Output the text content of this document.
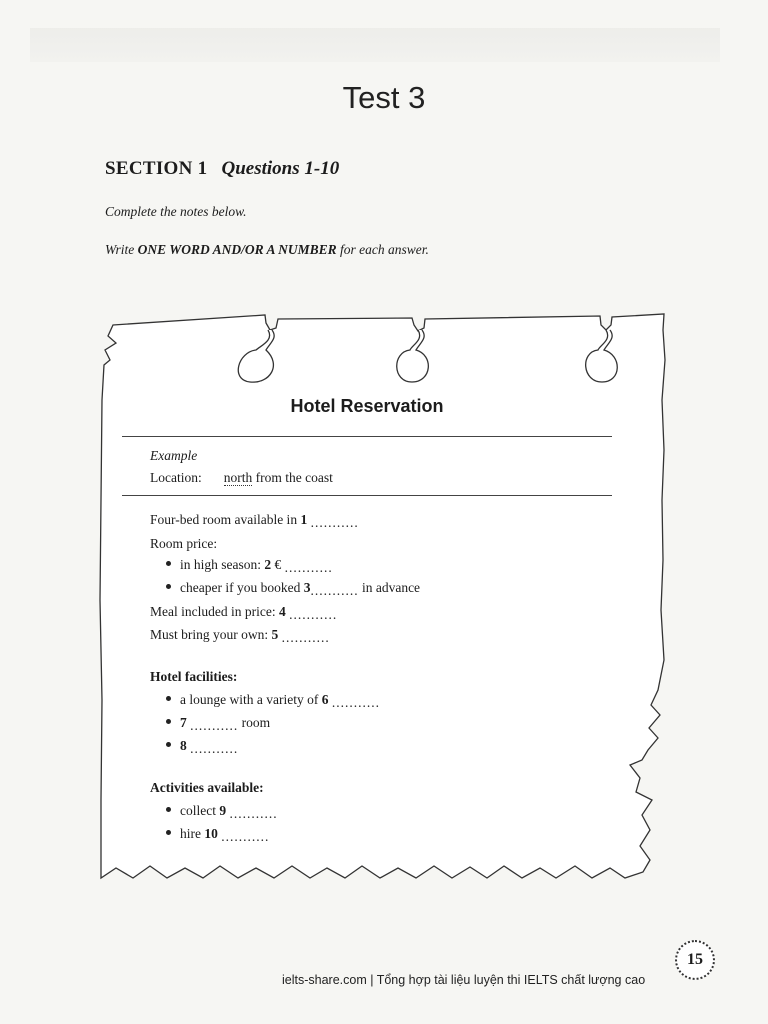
Test 3
SECTION 1 Questions 1-10
Complete the notes below.
Write ONE WORD AND/OR A NUMBER for each answer.
Hotel Reservation
Example
Location: north from the coast
Four-bed room available in 1 ...........
Room price:
in high season: 2 € ...........
cheaper if you booked 3........... in advance
Meal included in price: 4 ...........
Must bring your own: 5 ...........
Hotel facilities:
a lounge with a variety of 6 ...........
7 ........... room
8 ...........
Activities available:
collect 9 ...........
hire 10 ...........
ielts-share.com | Tổng hợp tài liệu luyện thi IELTS chất lượng cao
15
